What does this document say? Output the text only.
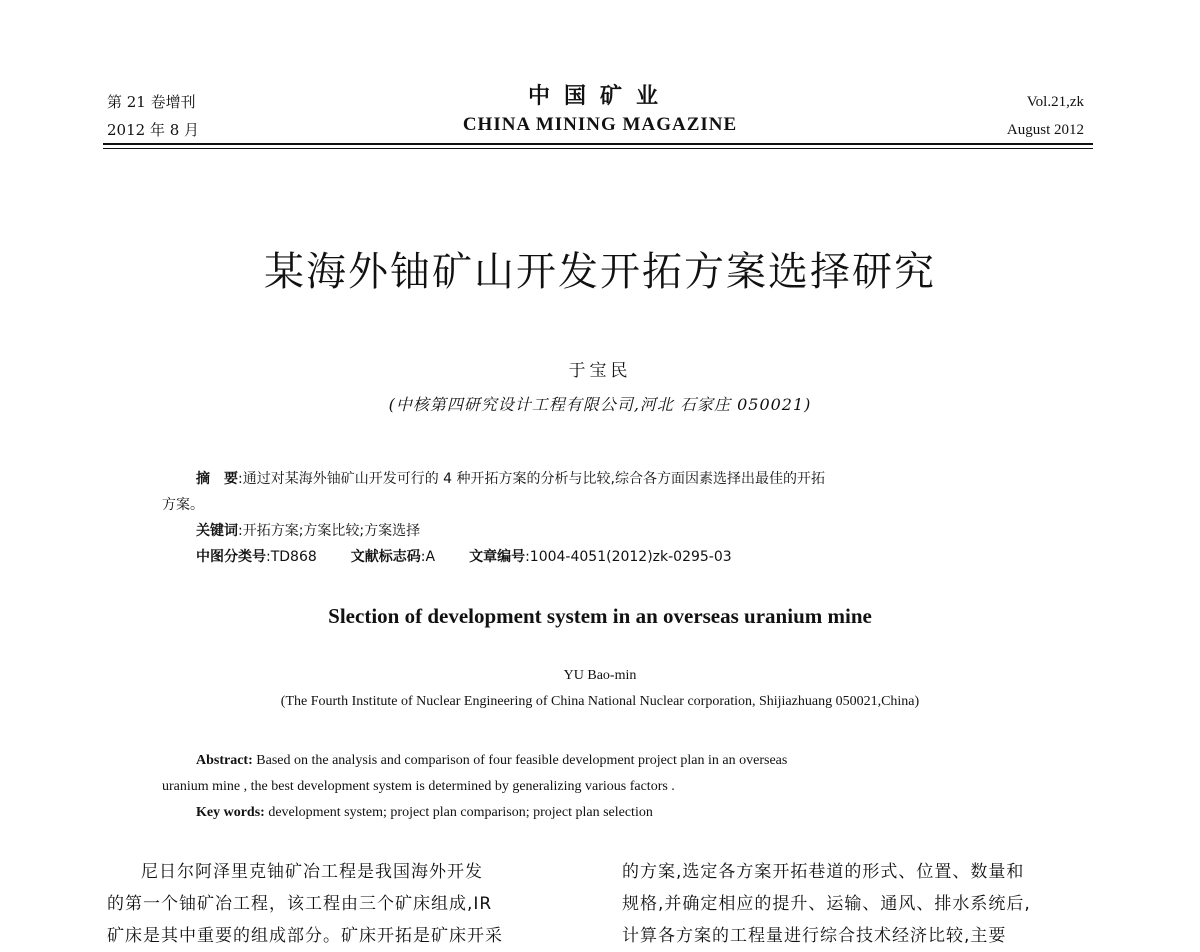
第 21 卷增刊
2012 年 8 月
中国矿业
CHINA MINING MAGAZINE
Vol.21,zk
August 2012
某海外铀矿山开发开拓方案选择研究
于宝民
(中核第四研究设计工程有限公司,河北 石家庄 050021)

摘　要:通过对某海外铀矿山开发可行的 4 种开拓方案的分析与比较,综合各方面因素选择出最佳的开拓

方案。

关键词:开拓方案;方案比较;方案选择

中图分类号:TD868 文献标志码:A 文章编号:1004-4051(2012)zk-0295-03

Slection of development system in an overseas uranium mine
YU Bao-min
(The Fourth Institute of Nuclear Engineering of China National Nuclear corporation, Shijiazhuang 050021,China)

Abstract: Based on the analysis and comparison of four feasible development project plan in an overseas

uranium mine , the best development system is determined by generalizing various factors .

Key words: development system; project plan comparison; project plan selection

尼日尔阿泽里克铀矿冶工程是我国海外开发

的第一个铀矿冶工程，该工程由三个矿床组成,IR

矿床是其中重要的组成部分。矿床开拓是矿床开采

的方案,选定各方案开拓巷道的形式、位置、数量和

规格,并确定相应的提升、运输、通风、排水系统后,

计算各方案的工程量进行综合技术经济比较,主要
